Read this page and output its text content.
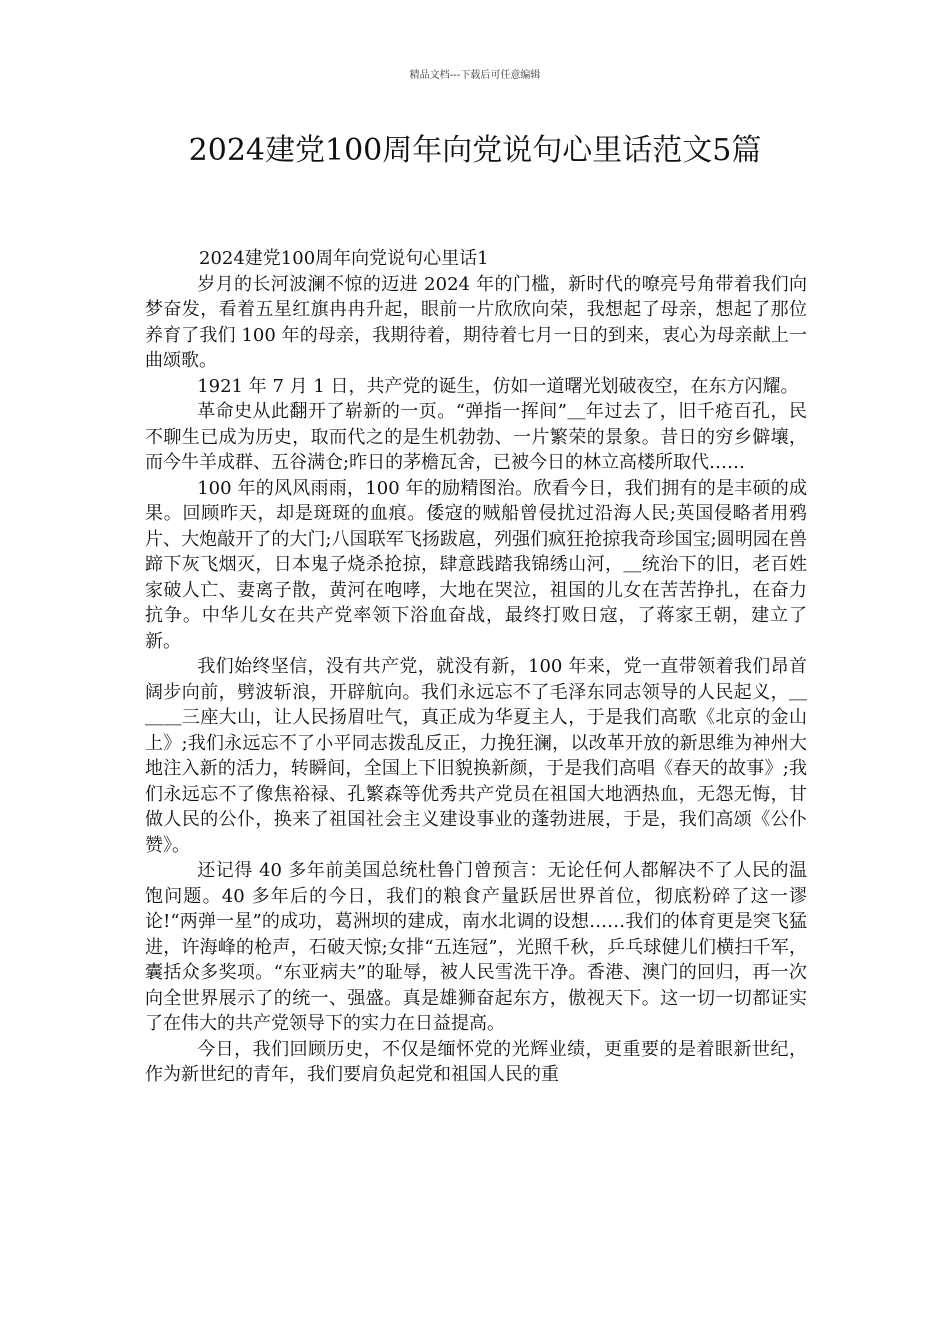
精品文档---下载后可任意编辑
2024建党100周年向党说句心里话范文5篇

2024建党100周年向党说句心里话1

岁月的长河波澜不惊的迈进 2024 年的门槛，新时代的嘹亮号角带着我们向梦奋发，看着五星红旗冉冉升起，眼前一片欣欣向荣，我想起了母亲，想起了那位养育了我们 100 年的母亲，我期待着，期待着七月一日的到来，衷心为母亲献上一曲颂歌。

1921 年 7 月 1 日，共产党的诞生，仿如一道曙光划破夜空，在东方闪耀。

革命史从此翻开了崭新的一页。“弹指一挥间”＿年过去了，旧千疮百孔，民不聊生已成为历史，取而代之的是生机勃勃、一片繁荣的景象。昔日的穷乡僻壤，而今牛羊成群、五谷满仓;昨日的茅檐瓦舍，已被今日的林立高楼所取代……

100 年的风风雨雨，100 年的励精图治。欣看今日，我们拥有的是丰硕的成果。回顾昨天，却是斑斑的血痕。倭寇的贼船曾侵扰过沿海人民;英国侵略者用鸦片、大炮敲开了的大门;八国联军飞扬跋扈，列强们疯狂抢掠我奇珍国宝;圆明园在兽蹄下灰飞烟灭，日本鬼子烧杀抢掠，肆意践踏我锦绣山河，＿统治下的旧，老百姓家破人亡、妻离子散，黄河在咆哮，大地在哭泣，祖国的儿女在苦苦挣扎，在奋力抗争。中华儿女在共产党率领下浴血奋战，最终打败日寇，了蒋家王朝，建立了新。

我们始终坚信，没有共产党，就没有新，100 年来，党一直带领着我们昂首阔步向前，劈波斩浪，开辟航向。我们永远忘不了毛泽东同志领导的人民起义，＿＿＿三座大山，让人民扬眉吐气，真正成为华夏主人，于是我们高歌《北京的金山上》;我们永远忘不了小平同志拨乱反正，力挽狂澜，以改革开放的新思维为神州大地注入新的活力，转瞬间，全国上下旧貌换新颜，于是我们高唱《春天的故事》;我们永远忘不了像焦裕禄、孔繁森等优秀共产党员在祖国大地洒热血，无怨无悔，甘做人民的公仆，换来了祖国社会主义建设事业的蓬勃进展，于是，我们高颂《公仆赞》。

还记得 40 多年前美国总统杜鲁门曾预言：无论任何人都解决不了人民的温饱问题。40 多年后的今日，我们的粮食产量跃居世界首位，彻底粉碎了这一谬论!“两弹一星”的成功，葛洲坝的建成，南水北调的设想……我们的体育更是突飞猛进，许海峰的枪声，石破天惊;女排“五连冠”，光照千秋，乒乓球健儿们横扫千军，囊括众多奖项。“东亚病夫”的耻辱，被人民雪洗干净。香港、澳门的回归，再一次向全世界展示了的统一、强盛。真是雄狮奋起东方，傲视天下。这一切一切都证实了在伟大的共产党领导下的实力在日益提高。

今日，我们回顾历史，不仅是缅怀党的光辉业绩，更重要的是着眼新世纪，作为新世纪的青年，我们要肩负起党和祖国人民的重
